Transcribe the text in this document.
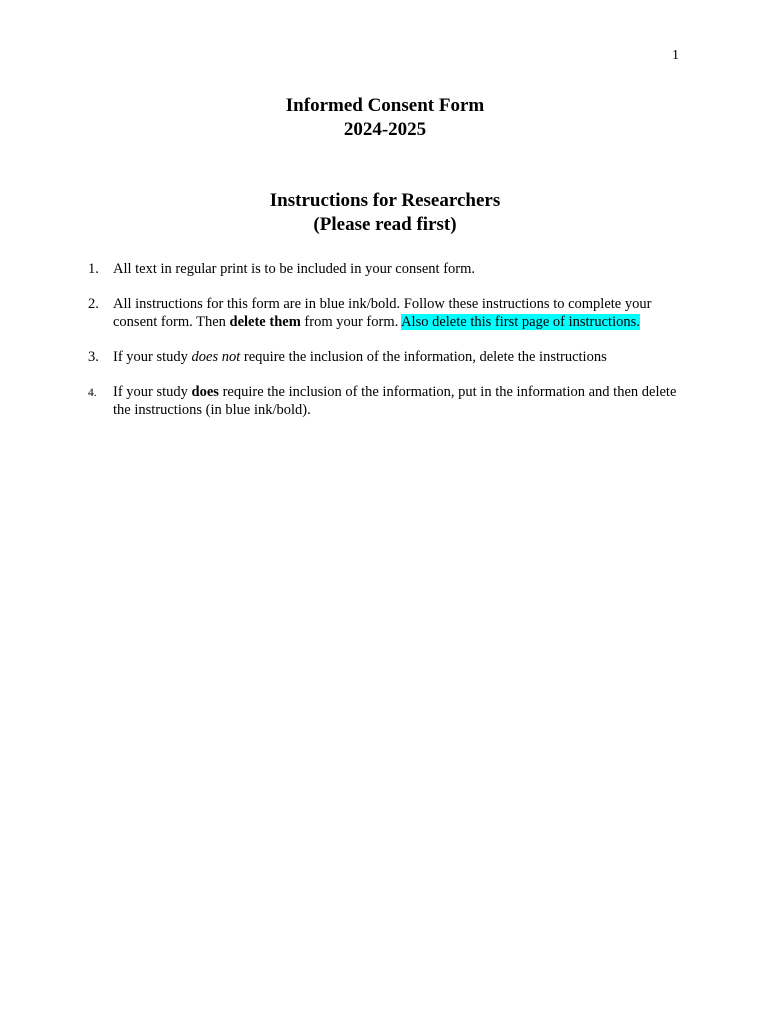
1
Informed Consent Form
2024-2025
Instructions for Researchers
(Please read first)
1. All text in regular print is to be included in your consent form.
2. All instructions for this form are in blue ink/bold. Follow these instructions to complete your consent form. Then delete them from your form. Also delete this first page of instructions.
3. If your study does not require the inclusion of the information, delete the instructions
4. If your study does require the inclusion of the information, put in the information and then delete the instructions (in blue ink/bold).
